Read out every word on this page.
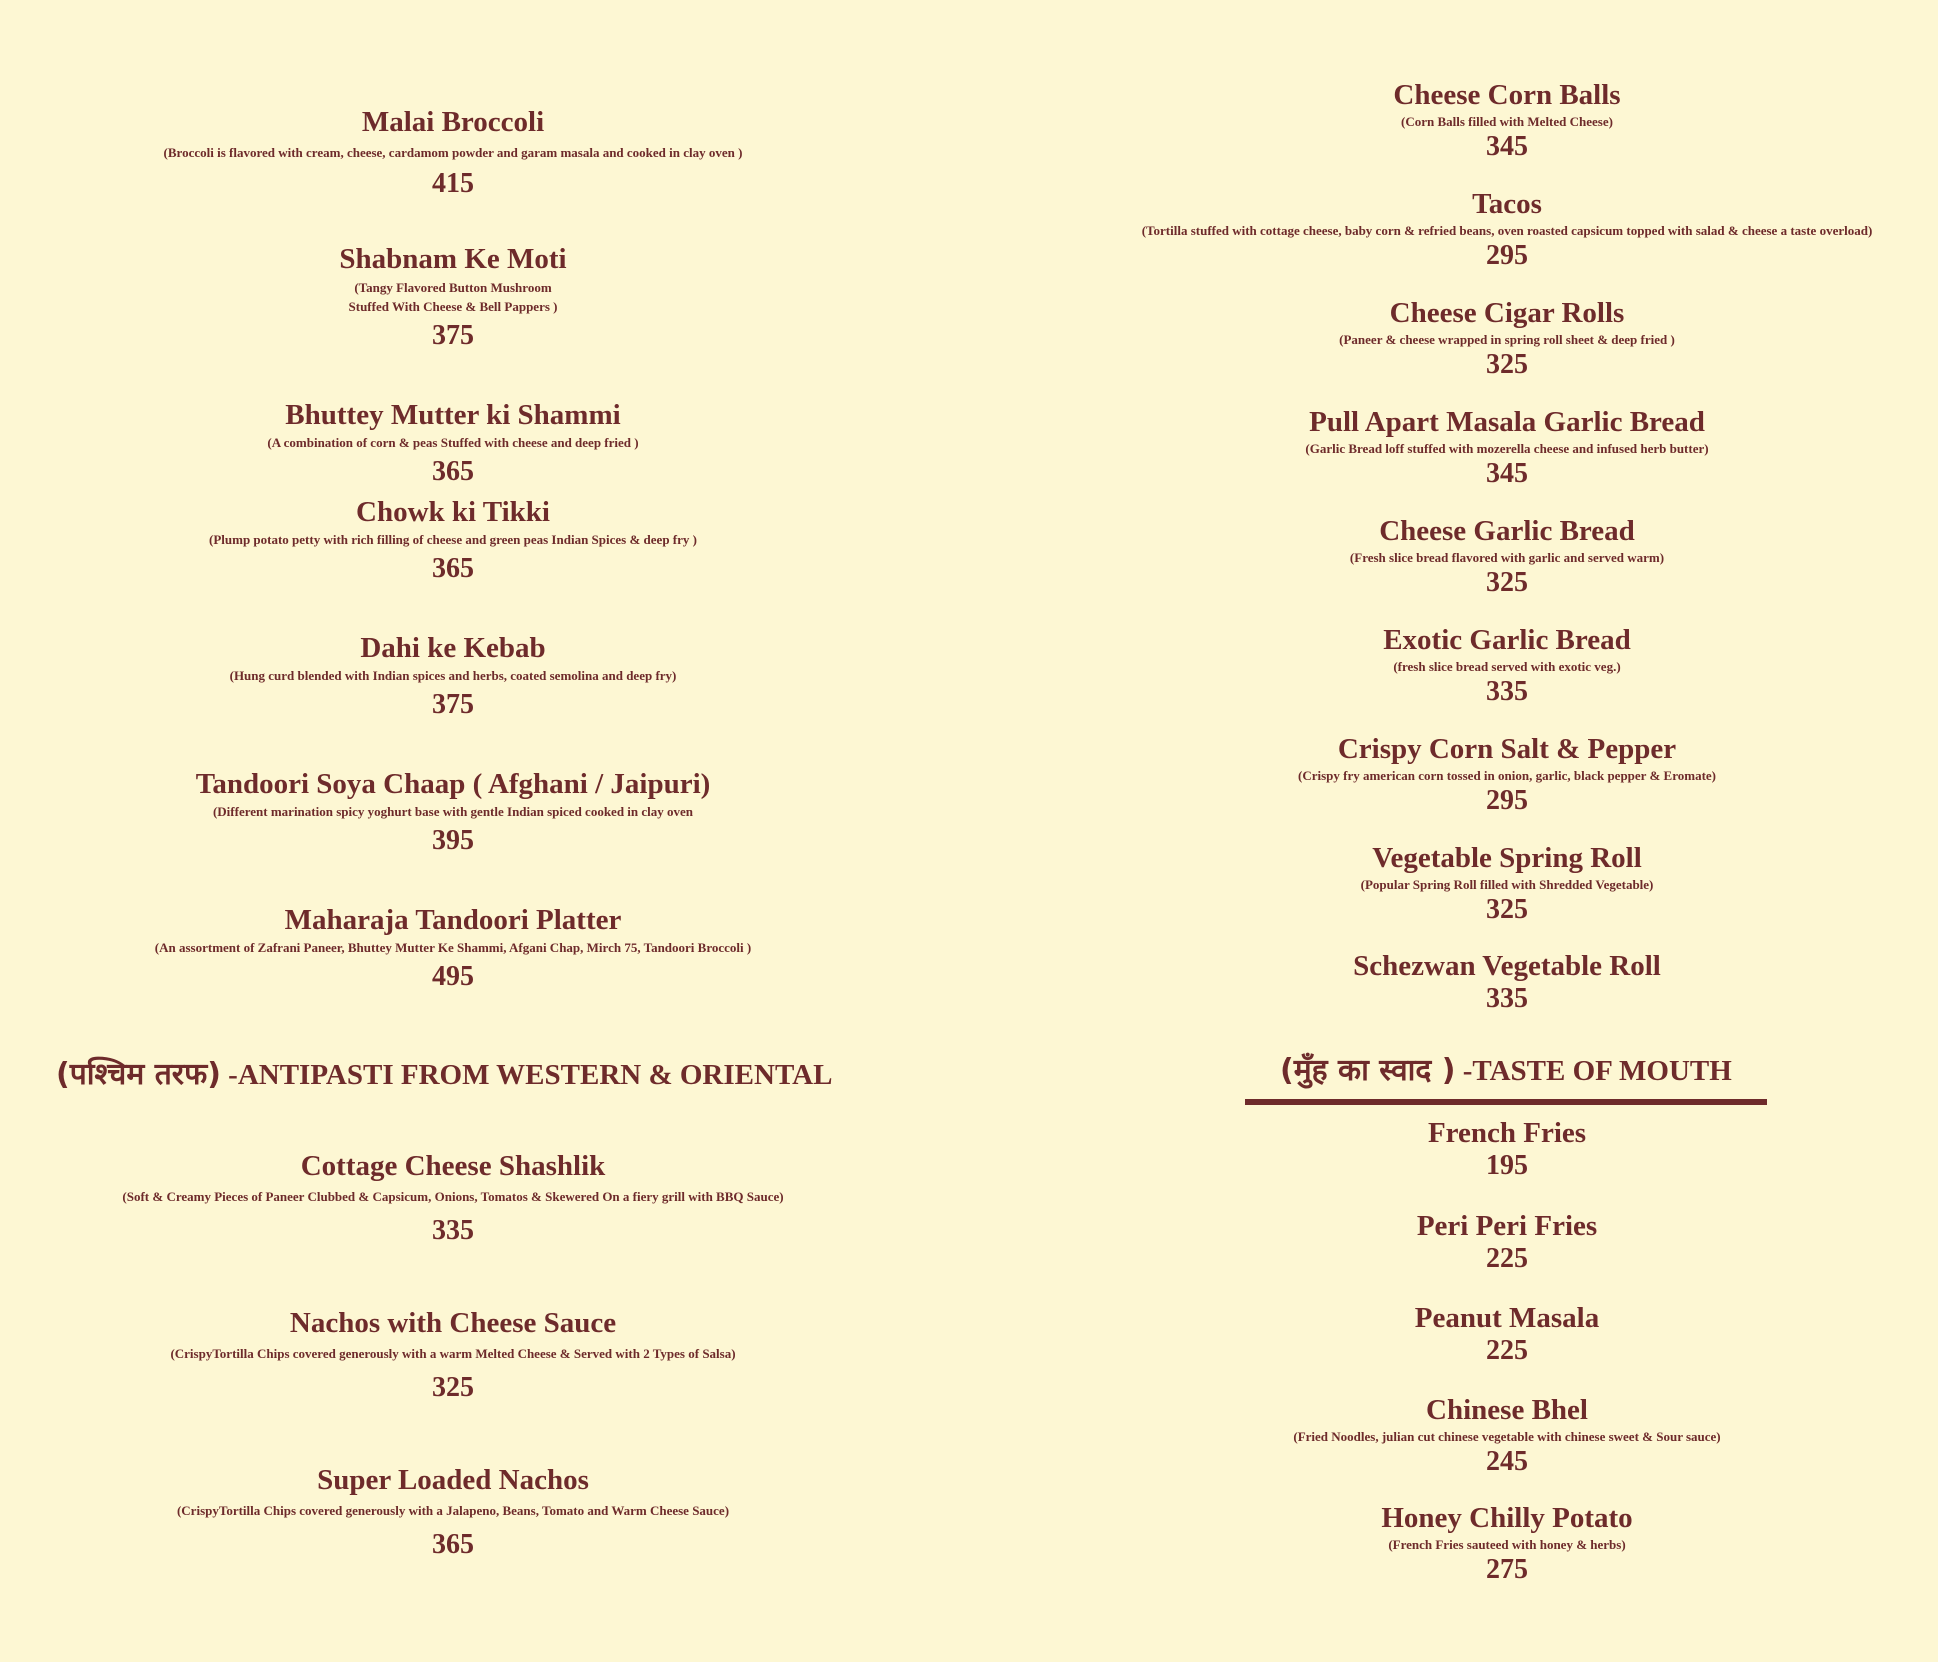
Malai Broccoli
(Broccoli is flavored with cream, cheese, cardamom powder and garam masala and cooked in clay oven )
415
Shabnam Ke Moti
(Tangy Flavored Button Mushroom
Stuffed With Cheese & Bell Pappers )
375
Bhuttey Mutter ki Shammi
(A combination of corn & peas Stuffed with cheese and deep fried )
365
Chowk ki Tikki
(Plump potato petty with rich filling of cheese and green peas Indian Spices & deep fry )
365
Dahi ke Kebab
(Hung curd blended with Indian spices and herbs, coated semolina and deep fry)
375
Tandoori Soya Chaap ( Afghani / Jaipuri)
(Different marination spicy yoghurt base with gentle Indian spiced cooked in clay oven
395
Maharaja Tandoori Platter
(An assortment of Zafrani Paneer, Bhuttey Mutter Ke Shammi, Afgani Chap, Mirch 75, Tandoori Broccoli )
495
(पश्चिम तरफ) -ANTIPASTI FROM WESTERN & ORIENTAL
Cottage Cheese Shashlik
(Soft & Creamy Pieces of Paneer Clubbed & Capsicum, Onions, Tomatos & Skewered On a fiery grill with BBQ Sauce)
335
Nachos with Cheese Sauce
(CrispyTortilla Chips covered generously with a warm Melted Cheese & Served with 2 Types of Salsa)
325
Super Loaded Nachos
(CrispyTortilla Chips covered generously with a Jalapeno, Beans, Tomato and Warm Cheese Sauce)
365
Cheese Corn Balls
(Corn Balls filled with Melted Cheese)
345
Tacos
(Tortilla stuffed with cottage cheese, baby corn & refried beans, oven roasted capsicum topped with salad & cheese a taste overload)
295
Cheese Cigar Rolls
(Paneer & cheese wrapped in spring roll sheet & deep fried )
325
Pull Apart Masala Garlic Bread
(Garlic Bread loff stuffed with mozerella cheese and infused herb butter)
345
Cheese Garlic Bread
(Fresh slice bread flavored with garlic and served warm)
325
Exotic Garlic Bread
(fresh slice bread served with exotic veg.)
335
Crispy Corn Salt & Pepper
(Crispy fry american corn tossed in onion, garlic, black pepper & Eromate)
295
Vegetable Spring Roll
(Popular Spring Roll filled with Shredded Vegetable)
325
Schezwan Vegetable Roll
335
(मुँह का स्वाद ) -TASTE OF MOUTH
French Fries
195
Peri Peri Fries
225
Peanut Masala
225
Chinese Bhel
(Fried Noodles, julian cut chinese vegetable with chinese sweet & Sour sauce)
245
Honey Chilly Potato
(French Fries sauteed with honey & herbs)
275
